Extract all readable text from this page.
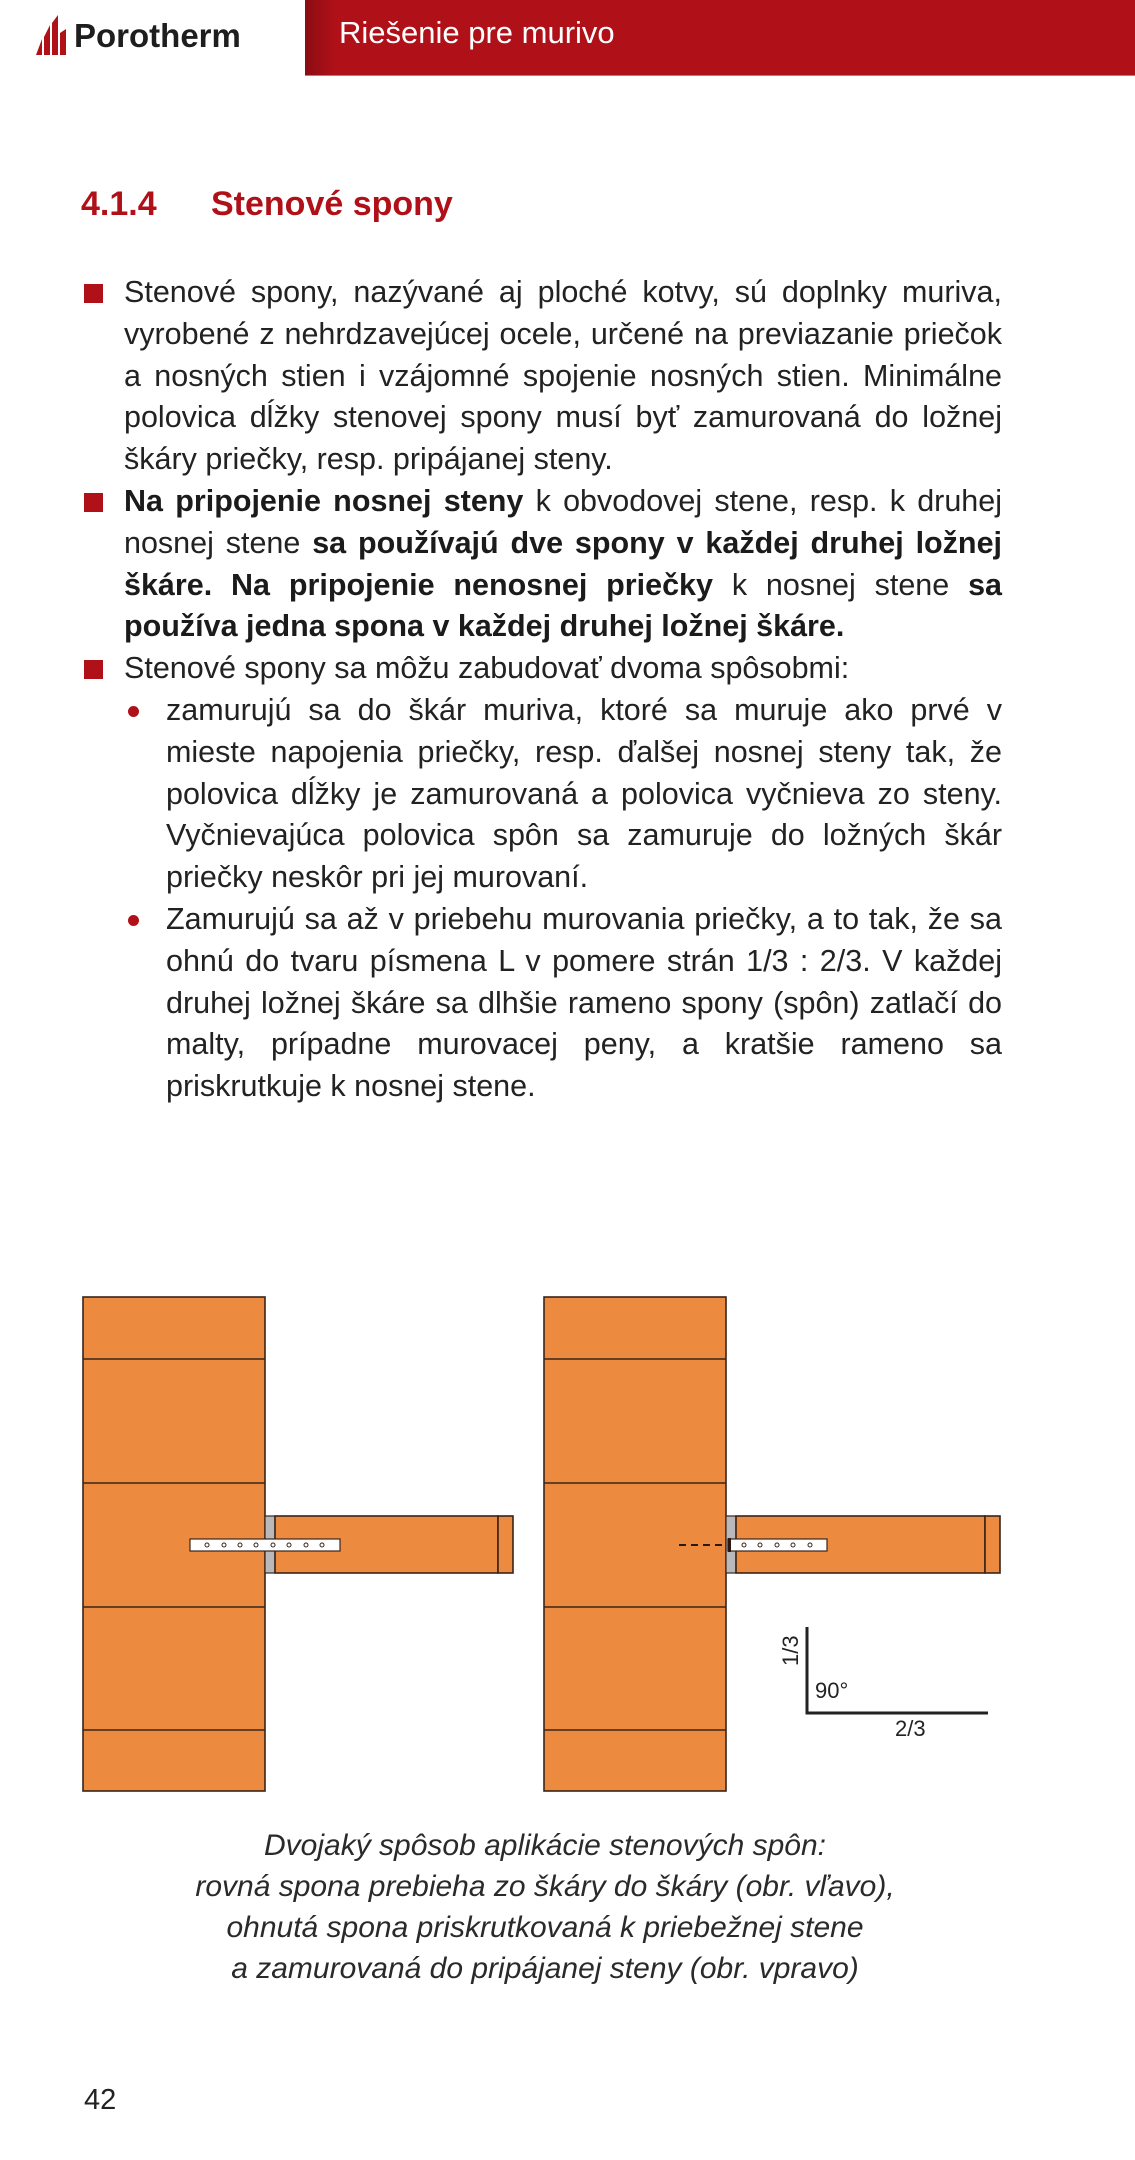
Porotherm	Riešenie pre murivo
4.1.4 Stenové spony
Stenové spony, nazývané aj ploché kotvy, sú doplnky muriva, vyrobené z nehrdzavejúcej ocele, určené na previazanie priečok a nosných stien i vzájomné spojenie nosných stien. Minimálne polovica dĺžky stenovej spony musí byť zamurovaná do ložnej škáry priečky, resp. pripájanej steny.
Na pripojenie nosnej steny k obvodovej stene, resp. k druhej nosnej stene sa používajú dve spony v každej druhej ložnej škáre. Na pripojenie nenosnej priečky k nosnej stene sa používa jedna spona v každej druhej ložnej škáre.
Stenové spony sa môžu zabudovať dvoma spôsobmi:
zamurujú sa do škár muriva, ktoré sa muruje ako prvé v mieste napojenia priečky, resp. ďalšej nosnej steny tak, že polovica dĺžky je zamurovaná a polovica vyčnieva zo steny. Vyčnievajúca polovica spôn sa zamuruje do ložných škár priečky neskôr pri jej murovaní.
Zamurujú sa až v priebehu murovania priečky, a to tak, že sa ohnú do tvaru písmena L v pomere strán 1/3 : 2/3. V každej druhej ložnej škáre sa dlhšie rameno spony (spôn) zatlačí do malty, prípadne murovacej peny, a kratšie rameno sa priskrutkuje k nosnej stene.
1/3
90°
2/3
Dvojaký spôsob aplikácie stenových spôn:
rovná spona prebieha zo škáry do škáry (obr. vľavo),
ohnutá spona priskrutkovaná k priebežnej stene
a zamurovaná do pripájanej steny (obr. vpravo)
42
